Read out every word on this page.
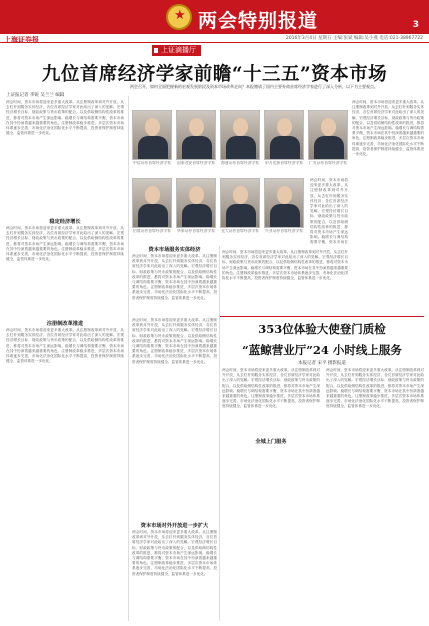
★
两会特别报道	3
上海证券报	2016年3月4日 星期五 主编:张斌 编辑:吴小燕 电话:021-38967722
上证滴播厅
九位首席经济学家前瞻“十三五”资本市场
两会召开，如何全面把握新的宏观发展阶段及资本市场改革走向？本报邀请了国内主要券商首席经济学家进行了深入分析，以下为主要观点。
上证报记者 李锐 吴兰兰 编辑
两会时间，资本市场将迎来更多重大改革。从注册制改革到对外开放，从去杠杆到服务实体经济，各位首席经济学家对此给出了深入的见解。宏观经济增长目标、财政政策与货币政策的配合，以及供给侧结构性改革的推进，都将对资本市场产生深远影响。稳增长与调结构需要平衡，资本市场在其中扮演着越来越重要的角色。注册制改革稳步推进，多层次资本市场体系逐步完善，市场化法治化国际化水平不断提高，投资者保护制度持续健全，监管体系进一步优化。
稳定经济增长
两会时间，资本市场将迎来更多重大改革。从注册制改革到对外开放，从去杠杆到服务实体经济，各位首席经济学家对此给出了深入的见解。宏观经济增长目标、财政政策与货币政策的配合，以及供给侧结构性改革的推进，都将对资本市场产生深远影响。稳增长与调结构需要平衡，资本市场在其中扮演着越来越重要的角色。注册制改革稳步推进，多层次资本市场体系逐步完善，市场化法治化国际化水平不断提高，投资者保护制度持续健全，监管体系进一步优化。
中信证券首席经济学家	国泰君安首席经济学家	海通证券首席经济学家	申万宏源首席经济学家	广发证券首席经济学家
招商证券首席经济学家	华泰证券首席经济学家	光大证券首席经济学家	兴业证券首席经济学家
两会时间，资本市场将迎来更多重大改革。从注册制改革到对外开放，从去杠杆到服务实体经济，各位首席经济学家对此给出了深入的见解。宏观经济增长目标、财政政策与货币政策的配合，以及供给侧结构性改革的推进，都将对资本市场产生深远影响。稳增长与调结构需要平衡，资本市场在其中扮演着越来越重要的角色。注册制改革稳步推进，多层次资本市场体系逐步完善，市场化法治化国际化水平不断提高，投资者保护制度持续健全，监管体系进一步优化。
两会时间，资本市场将迎来更多重大改革。从注册制改革到对外开放，从去杠杆到服务实体经济，各位首席经济学家对此给出了深入的见解。宏观经济增长目标、财政政策与货币政策的配合，以及供给侧结构性改革的推进，都将对资本市场产生深远影响。稳增长与调结构需要平衡，资本市场在
资本市场服务实体经济
两会时间，资本市场将迎来更多重大改革。从注册制改革到对外开放，从去杠杆到服务实体经济，各位首席经济学家对此给出了深入的见解。宏观经济增长目标、财政政策与货币政策的配合，以及供给侧结构性改革的推进，都将对资本市场产生深远影响。稳增长与调结构需要平衡，资本市场在其中扮演着越来越重要的角色。注册制改革稳步推进，多层次资本市场体系逐步完善，市场化法治化国际化水平不断提高，投资者保护制度持续健全，监管体系进一步优化。
两会时间，资本市场将迎来更多重大改革。从注册制改革到对外开放，从去杠杆到服务实体经济，各位首席经济学家对此给出了深入的见解。宏观经济增长目标、财政政策与货币政策的配合，以及供给侧结构性改革的推进，都将对资本市场产生深远影响。稳增长与调结构需要平衡，资本市场在其中扮演着越来越重要的角色。注册制改革稳步推进，多层次资本市场体系逐步完善，市场化法治化国际化水平不断提高，投资者保护制度持续健全，监管体系进一步优化。
注册制改革推进
两会时间，资本市场将迎来更多重大改革。从注册制改革到对外开放，从去杠杆到服务实体经济，各位首席经济学家对此给出了深入的见解。宏观经济增长目标、财政政策与货币政策的配合，以及供给侧结构性改革的推进，都将对资本市场产生深远影响。稳增长与调结构需要平衡，资本市场在其中扮演着越来越重要的角色。注册制改革稳步推进，多层次资本市场体系逐步完善，市场化法治化国际化水平不断提高，投资者保护制度持续健全，监管体系进一步优化。
两会时间，资本市场将迎来更多重大改革。从注册制改革到对外开放，从去杠杆到服务实体经济，各位首席经济学家对此给出了深入的见解。宏观经济增长目标、财政政策与货币政策的配合，以及供给侧结构性改革的推进，都将对资本市场产生深远影响。稳增长与调结构需要平衡，资本市场在其中扮演着越来越重要的角色。注册制改革稳步推进，多层次资本市场体系逐步完善，市场化法治化国际化水平不断提高，投资者保护制度持续健全，监管体系进一步优化。
资本市场对外开放进一步扩大
两会时间，资本市场将迎来更多重大改革。从注册制改革到对外开放，从去杠杆到服务实体经济，各位首席经济学家对此给出了深入的见解。宏观经济增长目标、财政政策与货币政策的配合，以及供给侧结构性改革的推进，都将对资本市场产生深远影响。稳增长与调结构需要平衡，资本市场在其中扮演着越来越重要的角色。注册制改革稳步推进，多层次资本市场体系逐步完善，市场化法治化国际化水平不断提高，投资者保护制度持续健全，监管体系进一步优化。
353位体验大使登门质检
“蓝鲸营业厅”24 小时线上服务
本报记者 宋平 摄影报道
两会时间，资本市场将迎来更多重大改革。从注册制改革到对外开放，从去杠杆到服务实体经济，各位首席经济学家对此给出了深入的见解。宏观经济增长目标、财政政策与货币政策的配合，以及供给侧结构性改革的推进，都将对资本市场产生深远影响。稳增长与调结构需要平衡，资本市场在其中扮演着越来越重要的角色。注册制改革稳步推进，多层次资本市场体系逐步完善，市场化法治化国际化水平不断提高，投资者保护制度持续健全，监管体系进一步优化。
全城上门服务
两会时间，资本市场将迎来更多重大改革。从注册制改革到对外开放，从去杠杆到服务实体经济，各位首席经济学家对此给出了深入的见解。宏观经济增长目标、财政政策与货币政策的配合，以及供给侧结构性改革的推进，都将对资本市场产生深远影响。稳增长与调结构需要平衡，资本市场在其中扮演着越来越重要的角色。注册制改革稳步推进，多层次资本市场体系逐步完善，市场化法治化国际化水平不断提高，投资者保护制度持续健全，监管体系进一步优化。
